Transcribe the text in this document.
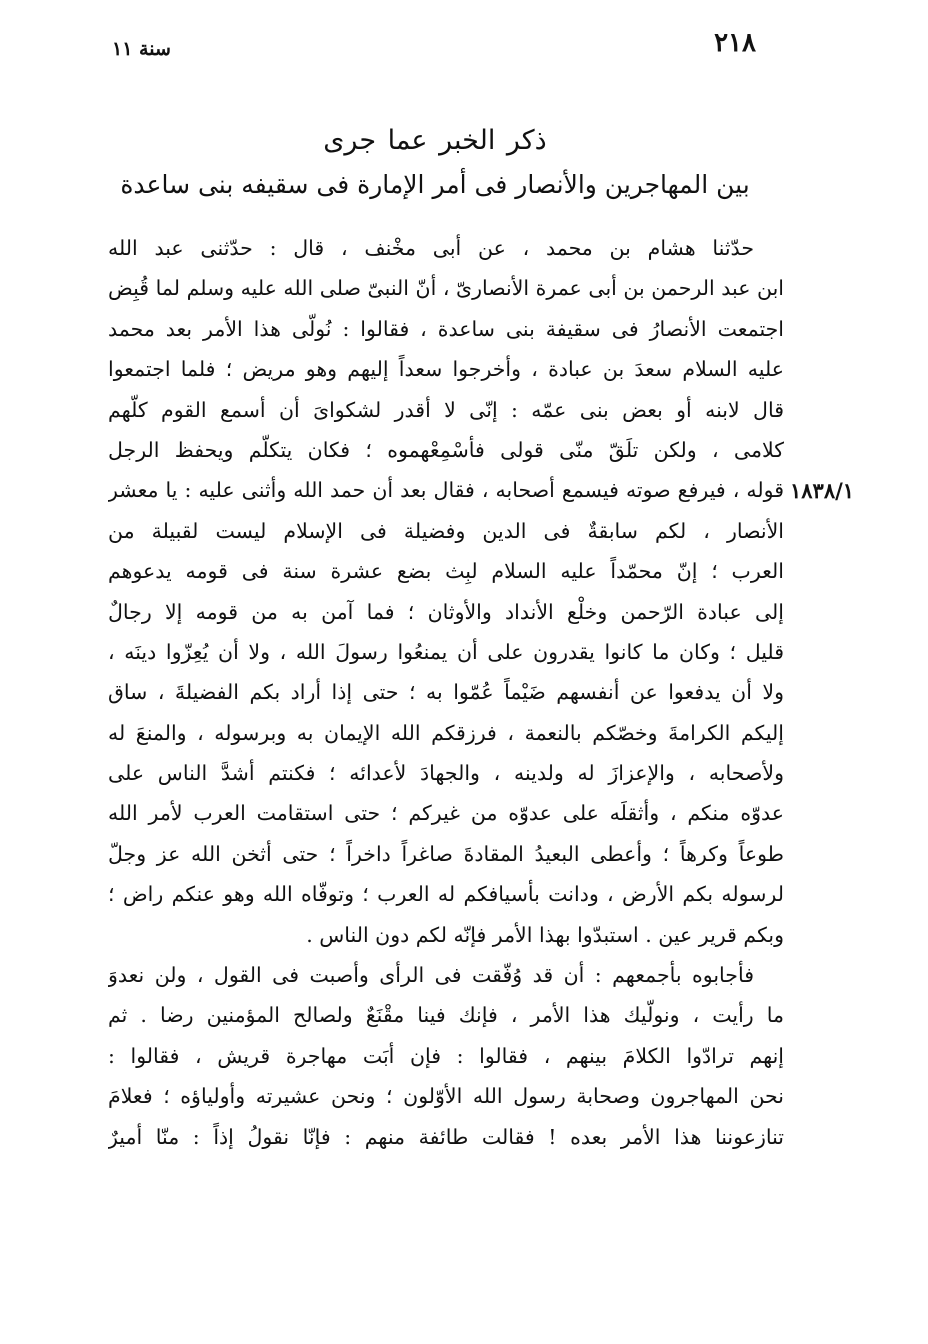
٢١٨
سنة ١١
ذكر الخبر عما جرى
بين المهاجرين والأنصار فى أمر الإمارة فى سقيفه بنى ساعدة
١٨٣٨/١
حدّثنا هشام بن محمد ، عن أبى مخْنف ، قال : حدّثنى عبد الله
ابن عبد الرحمن بن أبى عمرة الأنصارىّ ، أنّ النبىّ صلى الله عليه وسلم لما قُبِض
اجتمعت الأنصارُ فى سقيفة بنى ساعدة ، فقالوا : نُولّى هذا الأمر بعد محمد
عليه السلام سعدَ بن عبادة ، وأخرجوا سعداً إليهم وهو مريض ؛ فلما اجتمعوا
قال لابنه أو بعض بنى عمّه : إنّى لا أقدر لشكواىَ أن أسمع القوم كلّهم
كلامى ، ولكن تلَقّ منّى قولى فأسْمِعْهموه ؛ فكان يتكلّم ويحفظ الرجل
قوله ، فيرفع صوته فيسمع أصحابه ، فقال بعد أن حمد الله وأثنى عليه : يا معشر
الأنصار ، لكم سابقةٌ فى الدين وفضيلة فى الإسلام ليست لقبيلة من
العرب ؛ إنّ محمّداً عليه السلام لبِث بضع عشرة سنة فى قومه يدعوهم
إلى عبادة الرّحمن وخلْع الأنداد والأوثان ؛ فما آمن به من قومه إلا رجالٌ
قليل ؛ وكان ما كانوا يقدرون على أن يمنعُوا رسولَ الله ، ولا أن يُعِزّوا دينَه ،
ولا أن يدفعوا عن أنفسهم ضَيْماً عُمّوا به ؛ حتى إذا أراد بكم الفضيلةَ ، ساق
إليكم الكرامةَ وخصّكم بالنعمة ، فرزقكم الله الإيمان به وبرسوله ، والمنعَ له
ولأصحابه ، والإعزازَ له ولدينه ، والجهادَ لأعدائه ؛ فكنتم أشدَّ الناس على
عدوّه منكم ، وأثقلَه على عدوّه من غيركم ؛ حتى استقامت العرب لأمر الله
طوعاً وكرهاً ؛ وأعطى البعيدُ المقادةَ صاغراً داخراً ؛ حتى أثخن الله عز وجلّ
لرسوله بكم الأرض ، ودانت بأسيافكم له العرب ؛ وتوفّاه الله وهو عنكم راض ؛
وبكم قرير عين . استبدّوا بهذا الأمر فإنّه لكم دون الناس .
فأجابوه بأجمعهم : أن قد وُفّقت فى الرأى وأصبت فى القول ، ولن نعدوَ
ما رأيت ، ونولّيك هذا الأمر ، فإنك فينا مقْنَعٌ ولصالح المؤمنين رضا . ثم
إنهم ترادّوا الكلامَ بينهم ، فقالوا : فإن أبَت مهاجرة قريش ، فقالوا :
نحن المهاجرون وصحابة رسول الله الأوّلون ؛ ونحن عشيرته وأولياؤه ؛ فعلامَ
تنازعوننا هذا الأمر بعده ! فقالت طائفة منهم : فإنّا نقولُ إذاً : منّا أميرٌ
